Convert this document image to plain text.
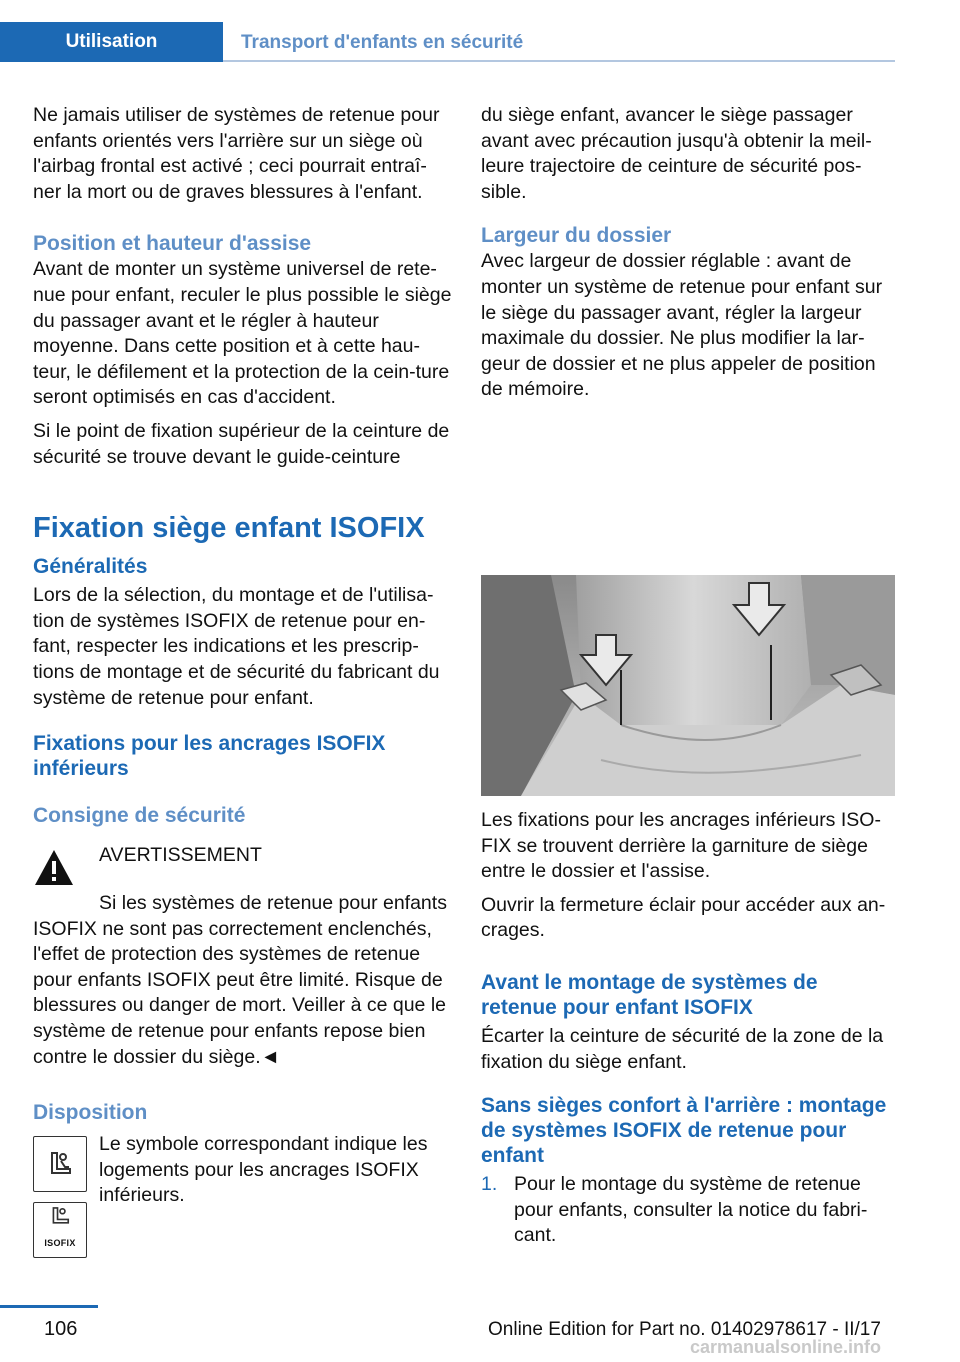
Utilisation	Transport d'enfants en sécurité

Ne jamais utiliser de systèmes de retenue pour enfants orientés vers l'arrière sur un siège où l'airbag frontal est activé ; ceci pourrait entraî-ner la mort ou de graves blessures à l'enfant.

Position et hauteur d'assise

Avant de monter un système universel de rete-nue pour enfant, reculer le plus possible le siège du passager avant et le régler à hauteur moyenne. Dans cette position et à cette hau-teur, le défilement et la protection de la cein-ture seront optimisés en cas d'accident.

Si le point de fixation supérieur de la ceinture de sécurité se trouve devant le guide-ceinture

Fixation siège enfant ISOFIX
Généralités

Lors de la sélection, du montage et de l'utilisa-tion de systèmes ISOFIX de retenue pour en-fant, respecter les indications et les prescrip-tions de montage et de sécurité du fabricant du système de retenue pour enfant.

Fixations pour les ancrages ISOFIX inférieurs
Consigne de sécurité
AVERTISSEMENT
Si les systèmes de retenue pour enfants ISOFIX ne sont pas correctement enclenchés, l'effet de protection des systèmes de retenue pour enfants ISOFIX peut être limité. Risque de blessures ou danger de mort. Veiller à ce que le système de retenue pour enfants repose bien contre le dossier du siège.◄
Disposition
ISOFIX
Le symbole correspondant indique les logements pour les ancrages ISOFIX inférieurs.

du siège enfant, avancer le siège passager avant avec précaution jusqu'à obtenir la meil-leure trajectoire de ceinture de sécurité pos-sible.

Largeur du dossier

Avec largeur de dossier réglable : avant de monter un système de retenue pour enfant sur le siège du passager avant, régler la largeur maximale du dossier. Ne plus modifier la lar-geur de dossier et ne plus appeler de position de mémoire.

Les fixations pour les ancrages inférieurs ISO-FIX se trouvent derrière la garniture de siège entre le dossier et l'assise.

Ouvrir la fermeture éclair pour accéder aux an-crages.

Avant le montage de systèmes de retenue pour enfant ISOFIX

Écarter la ceinture de sécurité de la zone de la fixation du siège enfant.

Sans sièges confort à l'arrière : montage de systèmes ISOFIX de retenue pour enfant
1. Pour le montage du système de retenue pour enfants, consulter la notice du fabri-cant.
106	Online Edition for Part no. 01402978617 - II/17
carmanualsonline.info
